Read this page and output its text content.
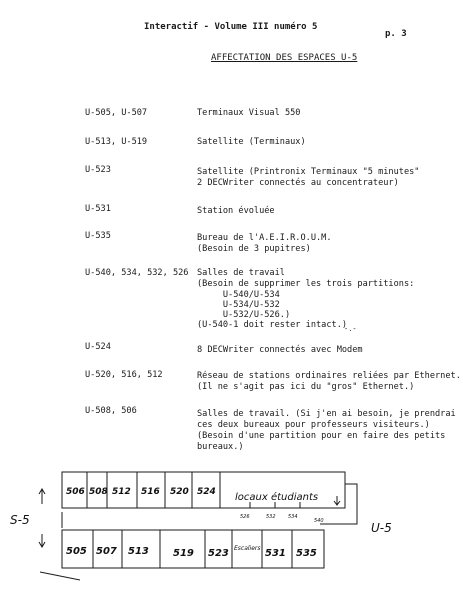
Interactif - Volume III numéro 5
p. 3
AFFECTATION DES ESPACES U-5
U-505, U-507	Terminaux Visual 550
U-513, U-519	Satellite (Terminaux)
U-523	Satellite (Printronix Terminaux "5 minutes"
2 DECWriter connectés au concentrateur)
U-531	Station évoluée
U-535	Bureau de l'A.E.I.R.O.U.M.
(Besoin de 3 pupitres)
U-540, 534, 532, 526 Salles de travail
(Besoin de supprimer les trois partitions:
U-540/U-534
U-534/U-532
U-532/U-526.)
(U-540-1 doit rester intact.)
U-524	8 DECWriter connectés avec Modem
U-520, 516, 512	Réseau de stations ordinaires reliées par Ethernet.
(Il ne s'agit pas ici du "gros" Ethernet.)
U-508, 506	Salles de travail. (Si j'en ai besoin, je prendrai
ces deux bureaux pour professeurs visiteurs.)
(Besoin d'une partition pour en faire des petits
bureaux.)
-.-
506 508 512 516 520 524 locaux étudiants
526	532 534
540
505 507 513 519 523 Escaliers 531 535
S-5
U-5
